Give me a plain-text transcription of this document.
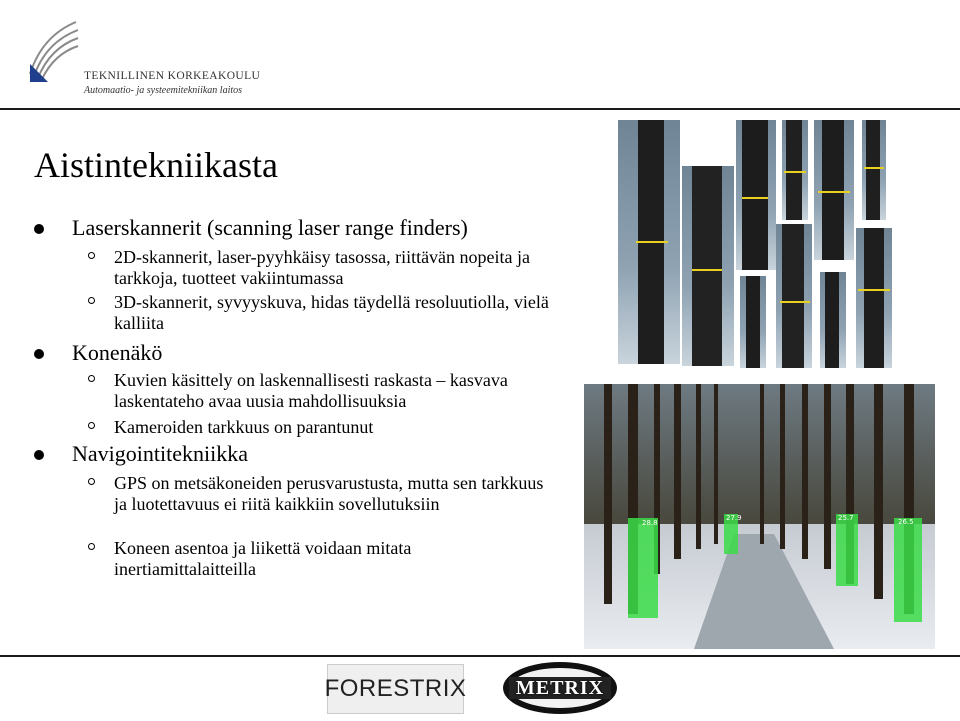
TEKNILLINEN KORKEAKOULU
Automaatio- ja systeemitekniikan laitos
Aistintekniikasta
Laserskannerit (scanning laser range finders)
2D-skannerit, laser-pyyhkäisy tasossa, riittävän nopeita ja tarkkoja, tuotteet vakiintumassa
3D-skannerit, syvyyskuva, hidas täydellä resoluutiolla, vielä kalliita
Konenäkö
Kuvien käsittely on laskennallisesti raskasta – kasvava laskentateho avaa uusia mahdollisuuksia
Kameroiden tarkkuus on parantunut
Navigointitekniikka
GPS on metsäkoneiden perusvarustusta, mutta sen tarkkuus ja luotettavuus ei riitä kaikkiin sovellutuksiin
Koneen asentoa ja liikettä voidaan mitata inertiamittalaitteilla
28.8
27.9	25.7	26.5
FORESTRIX	METRIX
